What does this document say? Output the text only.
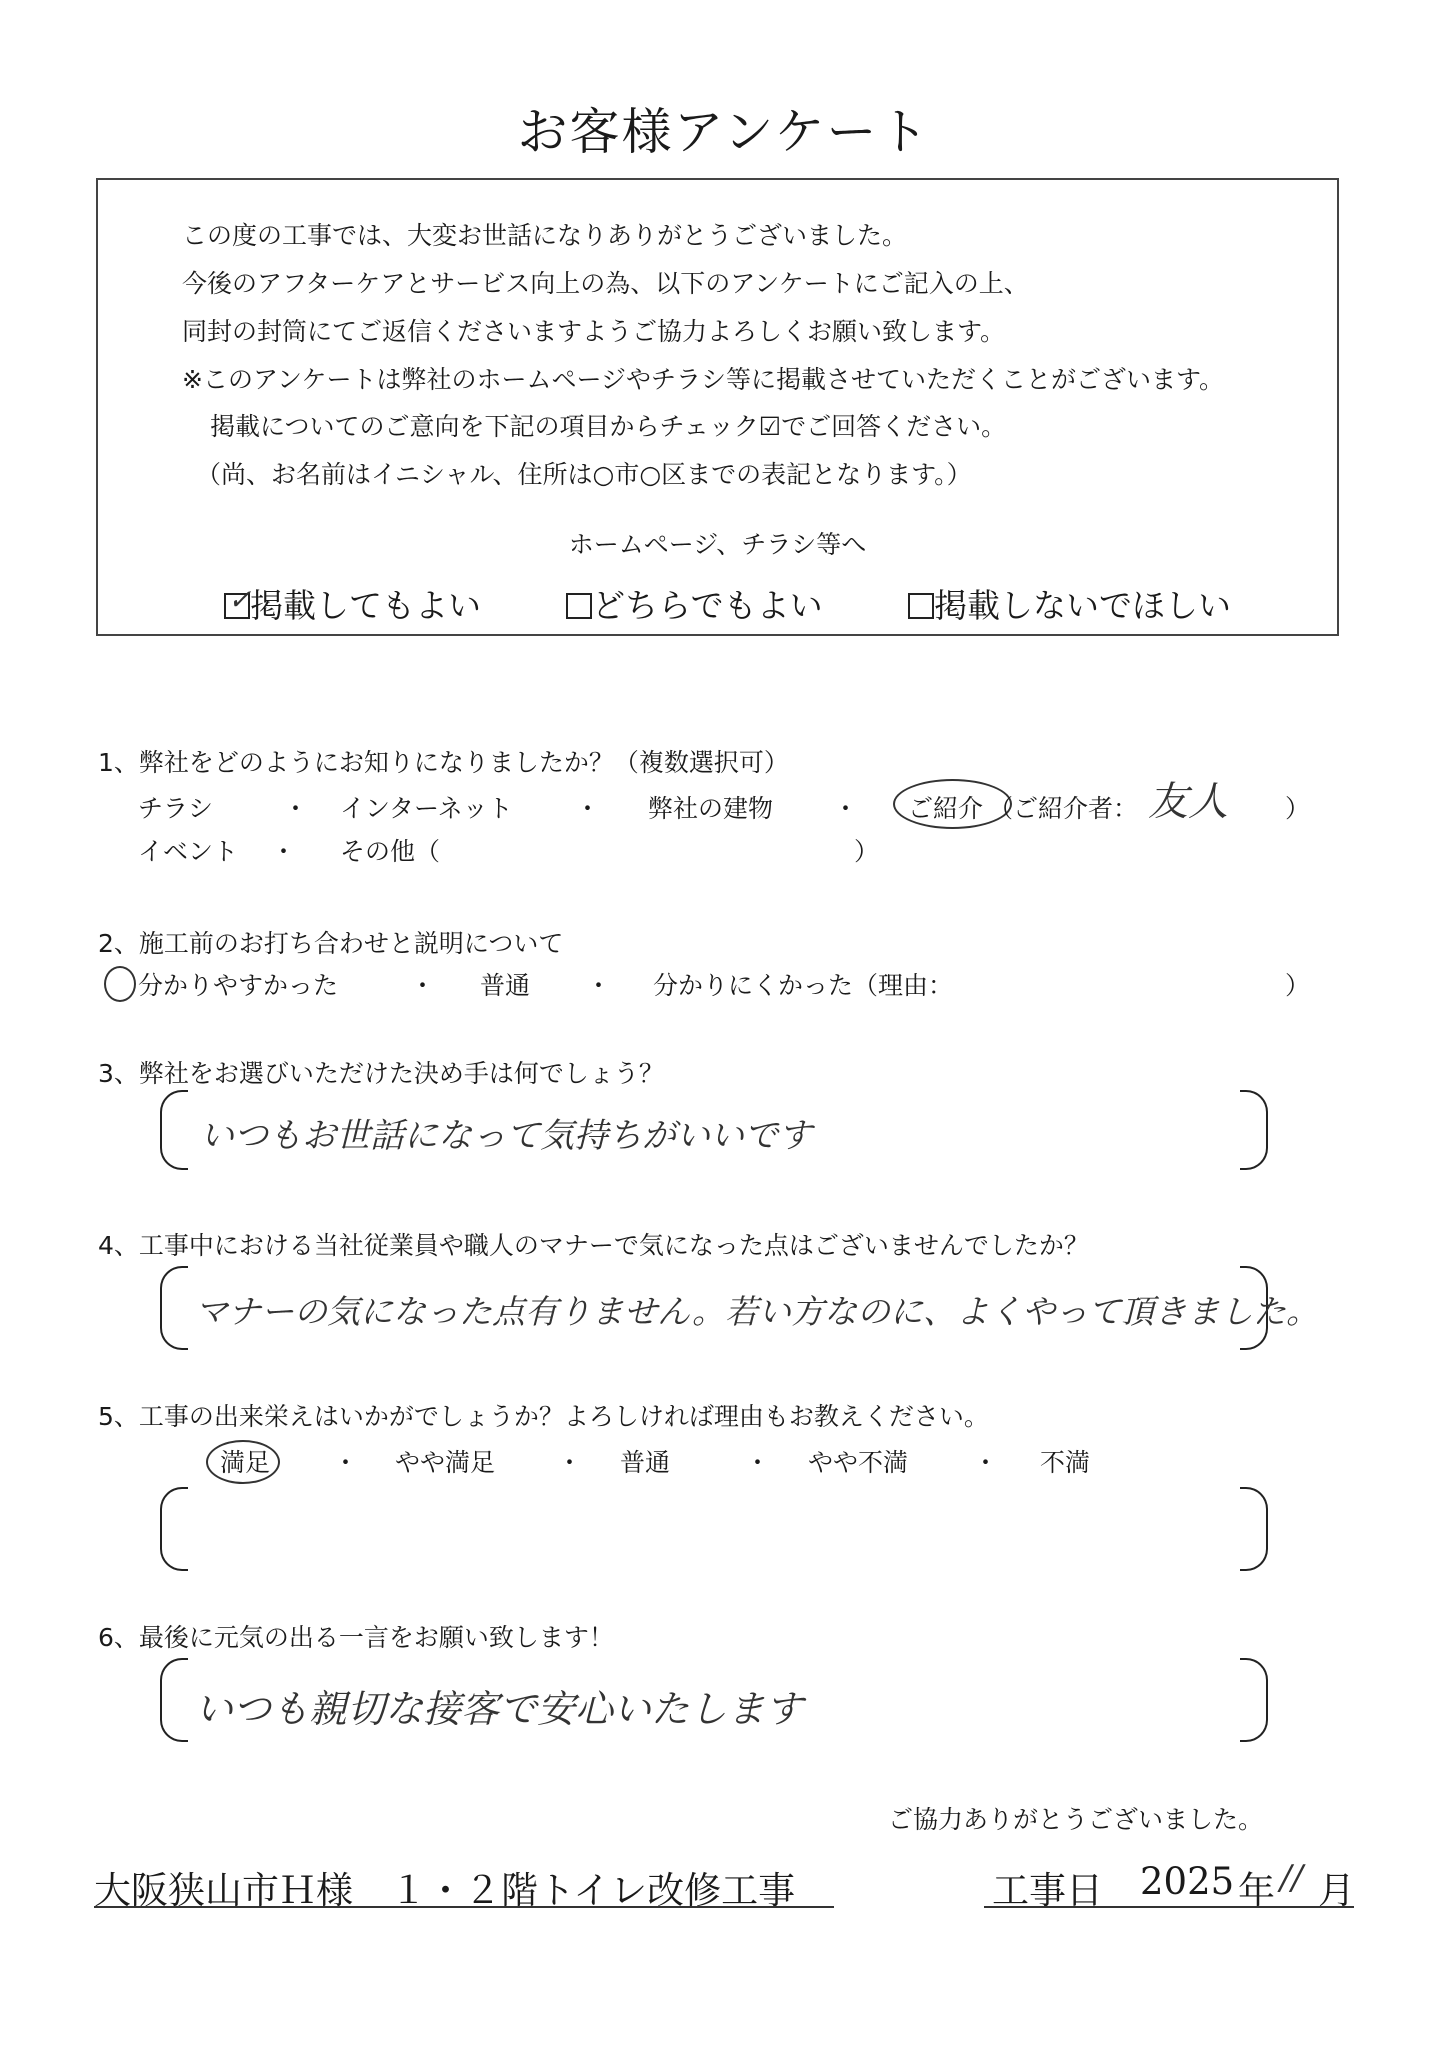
お客様アンケート
この度の工事では、大変お世話になりありがとうございました。
今後のアフターケアとサービス向上の為、以下のアンケートにご記入の上、
同封の封筒にてご返信くださいますようご協力よろしくお願い致します。
※このアンケートは弊社のホームページやチラシ等に掲載させていただくことがございます。
掲載についてのご意向を下記の項目からチェック☑でご回答ください。
（尚、お名前はイニシャル、住所は○市○区までの表記となります。）
ホームページ、チラシ等へ
✓
掲載してもよい	どちらでもよい	掲載しないでほしい
1、弊社をどのようにお知りになりましたか？（複数選択可）
チラシ	・ インターネット ・ 弊社の建物 ・ ご紹介 （ご紹介者： 友人 ）
イベント ・ その他（	）
2、施工前のお打ち合わせと説明について
分かりやすかった	・ 普通 ・ 分かりにくかった（理由：	）
3、弊社をお選びいただけた決め手は何でしょう？
いつもお世話になって気持ちがいいです
4、工事中における当社従業員や職人のマナーで気になった点はございませんでしたか？
マナーの気になった点有りません。若い方なのに、よくやって頂きました。
5、工事の出来栄えはいかがでしょうか？よろしければ理由もお教えください。
満足	・ やや満足 ・ 普通	・ やや不満	・ 不満
6、最後に元気の出る一言をお願い致します！
いつも親切な接客で安心いたします
ご協力ありがとうございました。
大阪狭山市Ｈ様　１・２階トイレ改修工事	工事日 2025 年 // 月
